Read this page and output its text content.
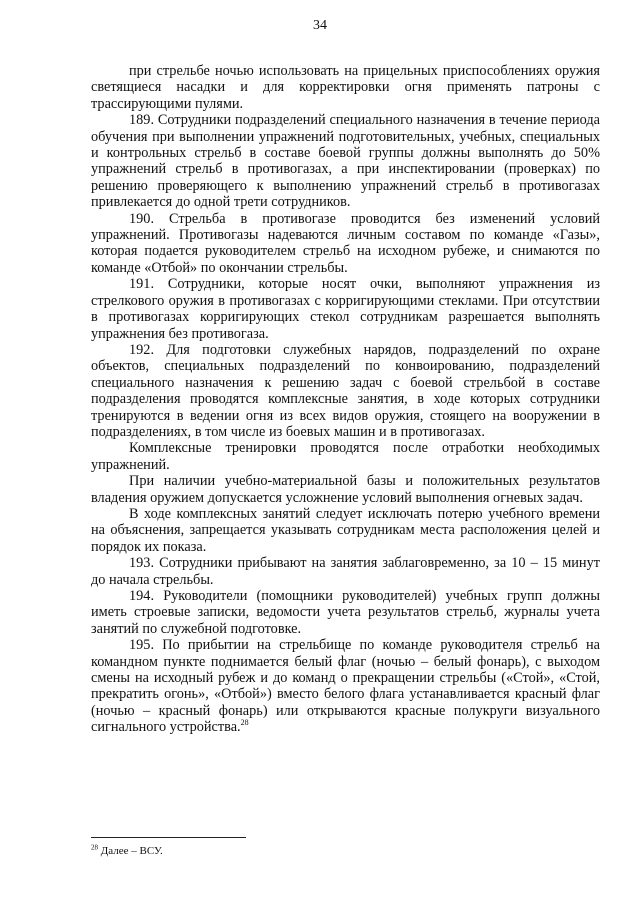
34

при стрельбе ночью использовать на прицельных приспособлениях оружия светящиеся насадки и для корректировки огня применять патроны с трассирующими пулями.

189. Сотрудники подразделений специального назначения в течение периода обучения при выполнении упражнений подготовительных, учебных, специальных и контрольных стрельб в составе боевой группы должны выполнять до 50% упражнений стрельб в противогазах, а при инспектировании (проверках) по решению проверяющего к выполнению упражнений стрельб в противогазах привлекается до одной трети сотрудников.

190. Стрельба в противогазе проводится без изменений условий упражнений. Противогазы надеваются личным составом по команде «Газы», которая подается руководителем стрельб на исходном рубеже, и снимаются по команде «Отбой» по окончании стрельбы.

191. Сотрудники, которые носят очки, выполняют упражнения из стрелкового оружия в противогазах с корригирующими стеклами. При отсутствии в противогазах корригирующих стекол сотрудникам разрешается выполнять упражнения без противогаза.

192. Для подготовки служебных нарядов, подразделений по охране объектов, специальных подразделений по конвоированию, подразделений специального назначения к решению задач с боевой стрельбой в составе подразделения проводятся комплексные занятия, в ходе которых сотрудники тренируются в ведении огня из всех видов оружия, стоящего на вооружении в подразделениях, в том числе из боевых машин и в противогазах.

Комплексные тренировки проводятся после отработки необходимых упражнений.

При наличии учебно-материальной базы и положительных результатов владения оружием допускается усложнение условий выполнения огневых задач.

В ходе комплексных занятий следует исключать потерю учебного времени на объяснения, запрещается указывать сотрудникам места расположения целей и порядок их показа.

193. Сотрудники прибывают на занятия заблаговременно, за 10 – 15 минут до начала стрельбы.

194. Руководители (помощники руководителей) учебных групп должны иметь строевые записки, ведомости учета результатов стрельб, журналы учета занятий по служебной подготовке.

195. По прибытии на стрельбище по команде руководителя стрельб на командном пункте поднимается белый флаг (ночью – белый фонарь), с выходом смены на исходный рубеж и до команд о прекращении стрельбы («Стой», «Стой, прекратить огонь», «Отбой») вместо белого флага устанавливается красный флаг (ночью – красный фонарь) или открываются красные полукруги визуального сигнального устройства.$^{28}$

$^{28}$ Далее – ВСУ.
